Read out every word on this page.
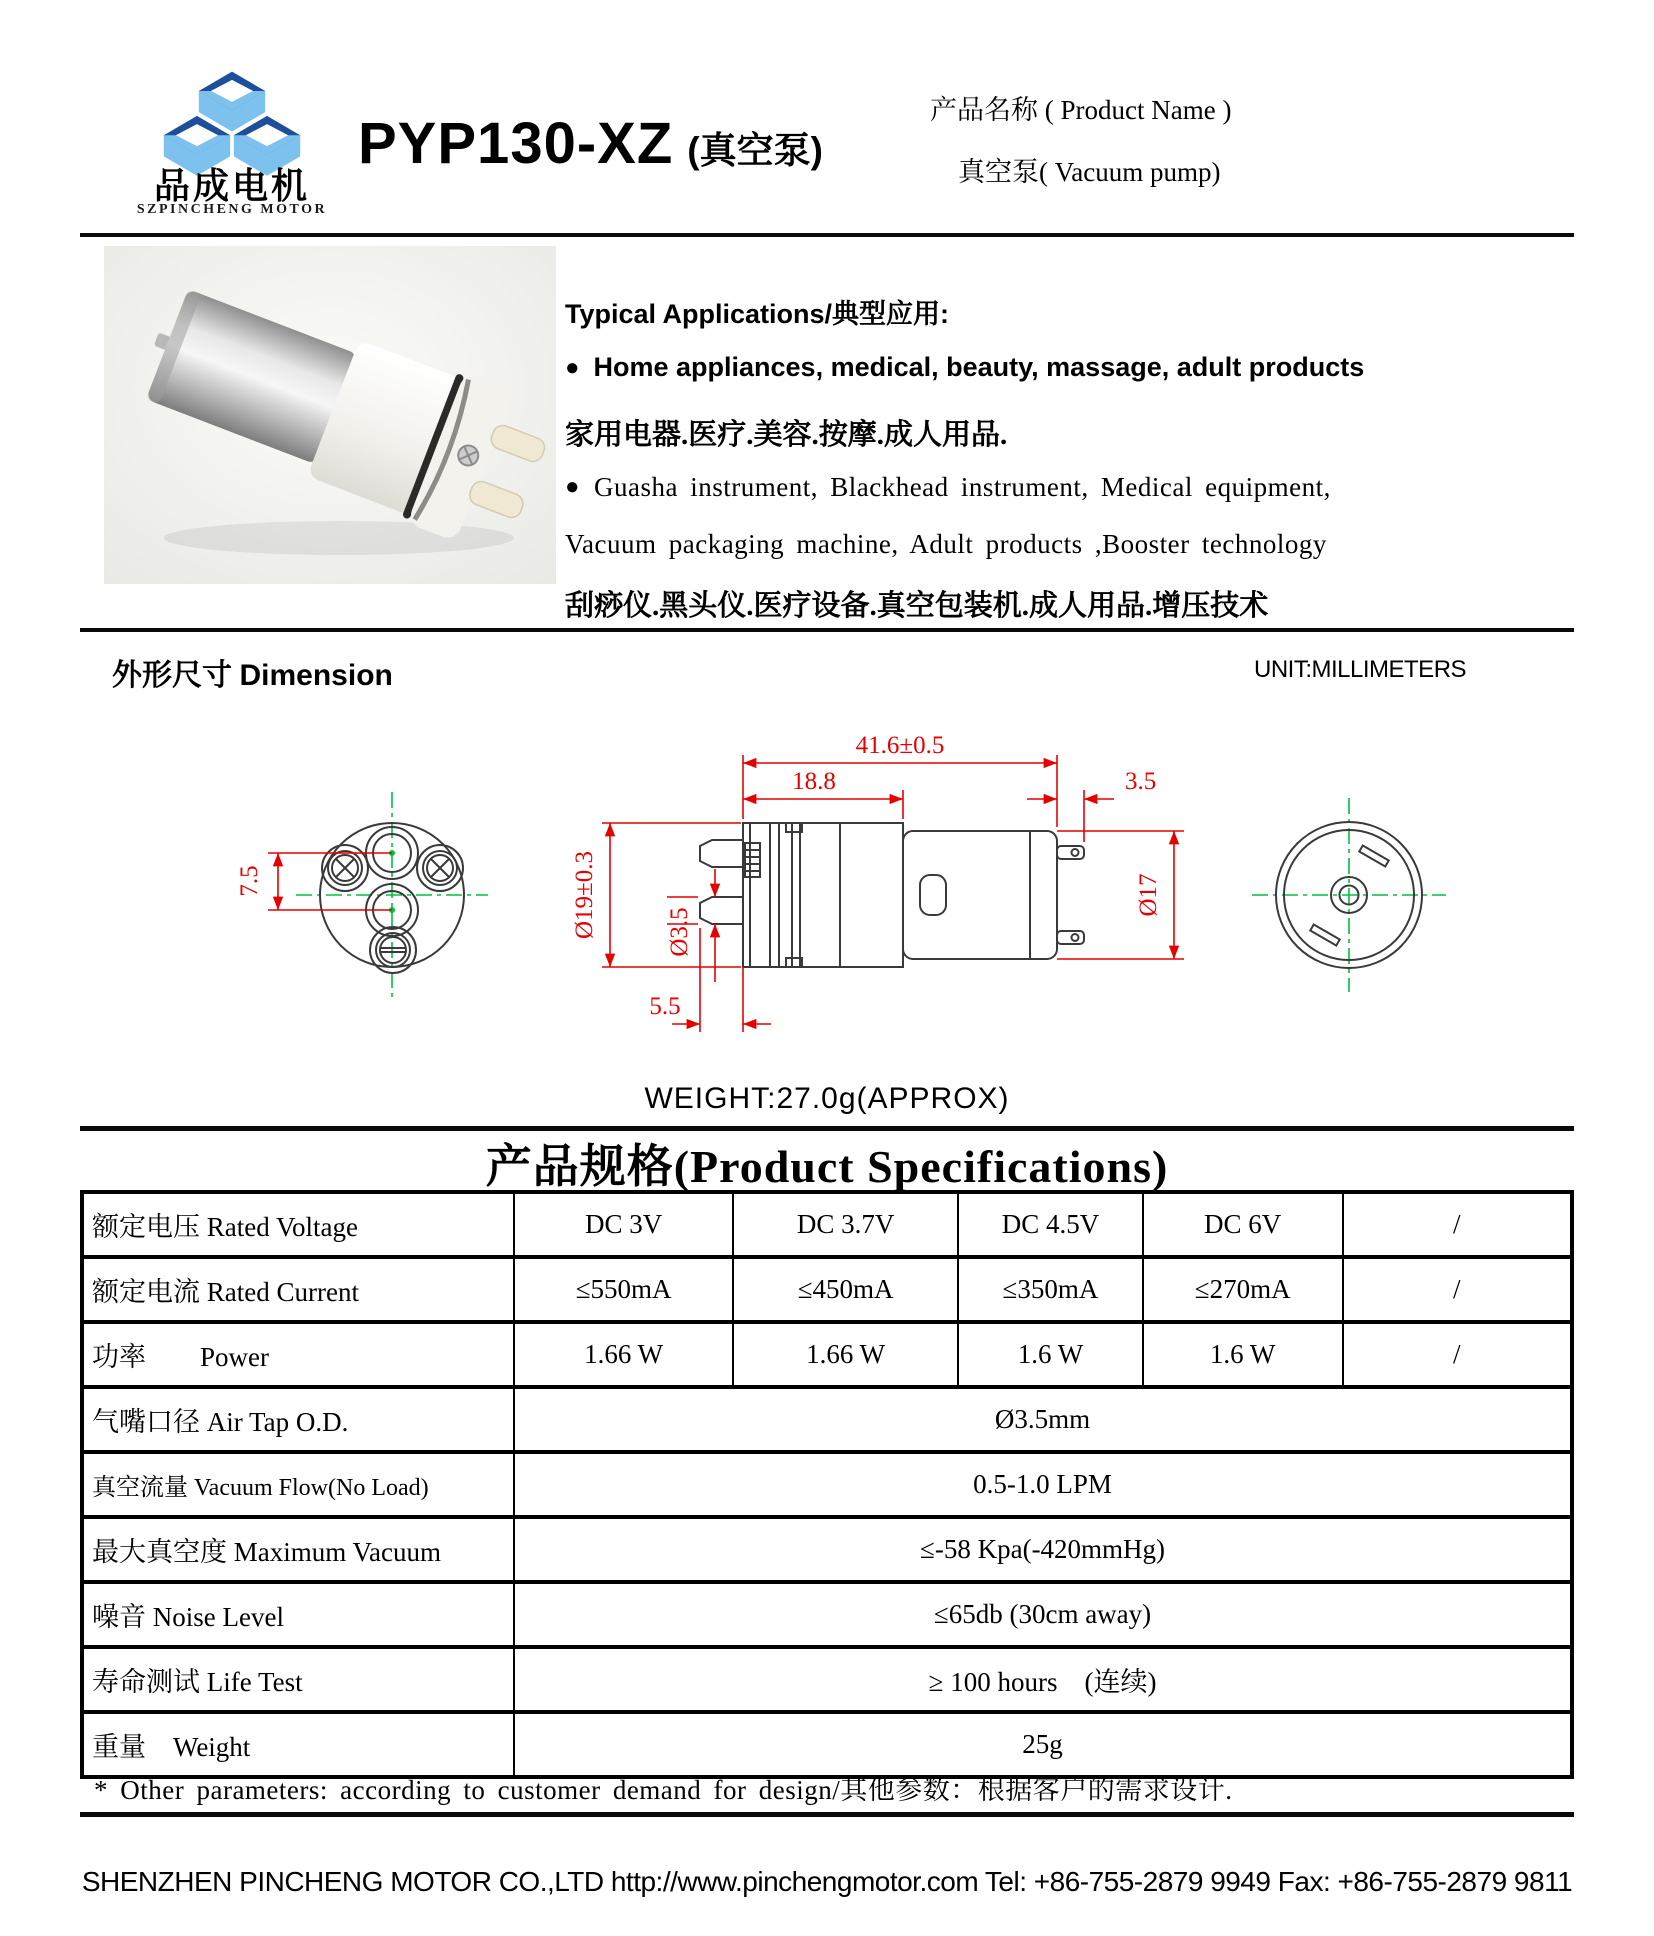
品成电机
SZPINCHENG MOTOR
PYP130-XZ (真空泵)
产品名称 ( Product Name )
真空泵( Vacuum pump)
Typical Applications/典型应用:
● Home appliances, medical, beauty, massage, adult products
家用电器.医疗.美容.按摩.成人用品.
● Guasha instrument, Blackhead instrument, Medical equipment,
Vacuum packaging machine, Adult products ,Booster technology
刮痧仪.黑头仪.医疗设备.真空包装机.成人用品.增压技术
外形尺寸 Dimension	UNIT:MILLIMETERS
7.5
41.6±0.5
18.8	3.5
Ø19±0.3	Ø3.5
5.5
Ø17
WEIGHT:27.0g(APPROX)
产品规格(Product Specifications)
额定电压 Rated Voltage	DC 3V	DC 3.7V	DC 4.5V	DC 6V	/
额定电流 Rated Current	≤550mA	≤450mA	≤350mA	≤270mA	/
功率　　Power	1.66 W	1.66 W	1.6 W	1.6 W	/
气嘴口径 Air Tap O.D.	Ø3.5mm				
真空流量 Vacuum Flow(No Load)	0.5-1.0 LPM				
最大真空度 Maximum Vacuum	≤-58 Kpa(-420mmHg)				
噪音 Noise Level	≤65db (30cm away)				
寿命测试 Life Test	≥ 100 hours　(连续)				
重量　Weight	25g				
* Other parameters: according to customer demand for design/其他参数：根据客户的需求设计.
SHENZHEN PINCHENG MOTOR CO.,LTD http://www.pinchengmotor.com Tel: +86-755-2879 9949 Fax: +86-755-2879 9811
